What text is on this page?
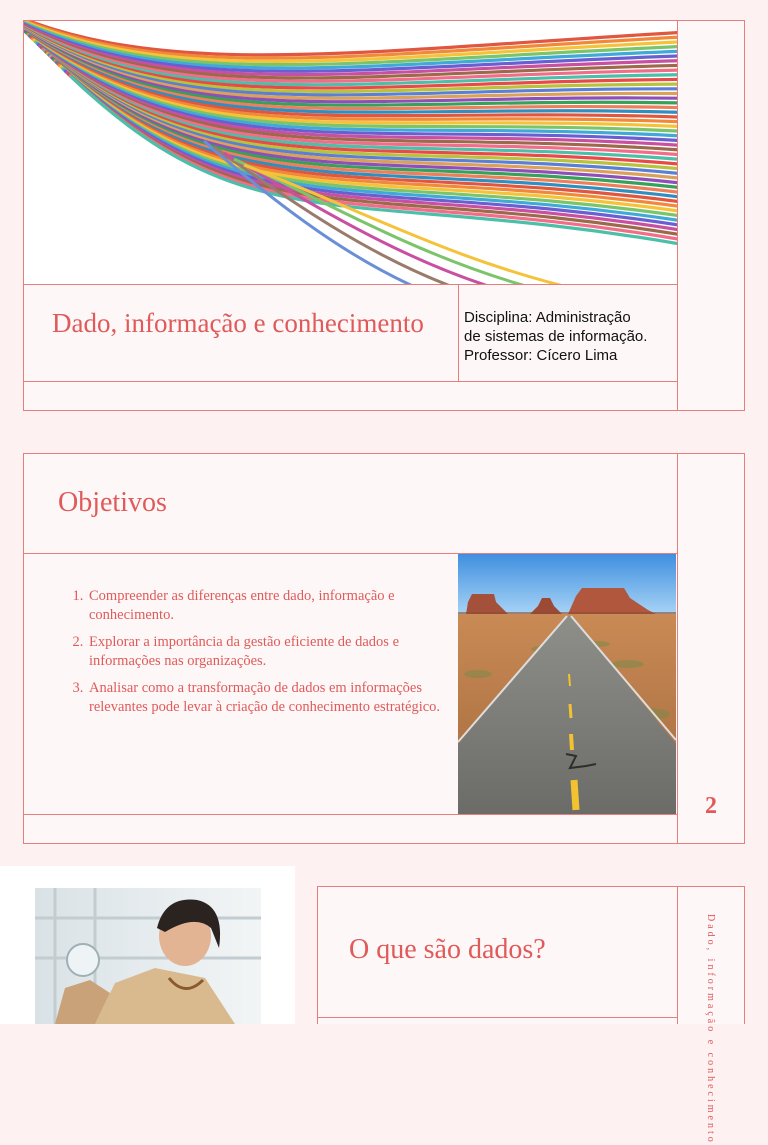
Dado, informação e conhecimento	Disciplina: Administração
de sistemas de informação.
Professor: Cícero Lima
Objetivos
1. Compreender as diferenças entre dado, informação e conhecimento.
2. Explorar a importância da gestão eficiente de dados e informações nas organizações.
3. Analisar como a transformação de dados em informações relevantes pode levar à criação de conhecimento estratégico.
2
O que são dados?	Dado, informação e conhecimento
